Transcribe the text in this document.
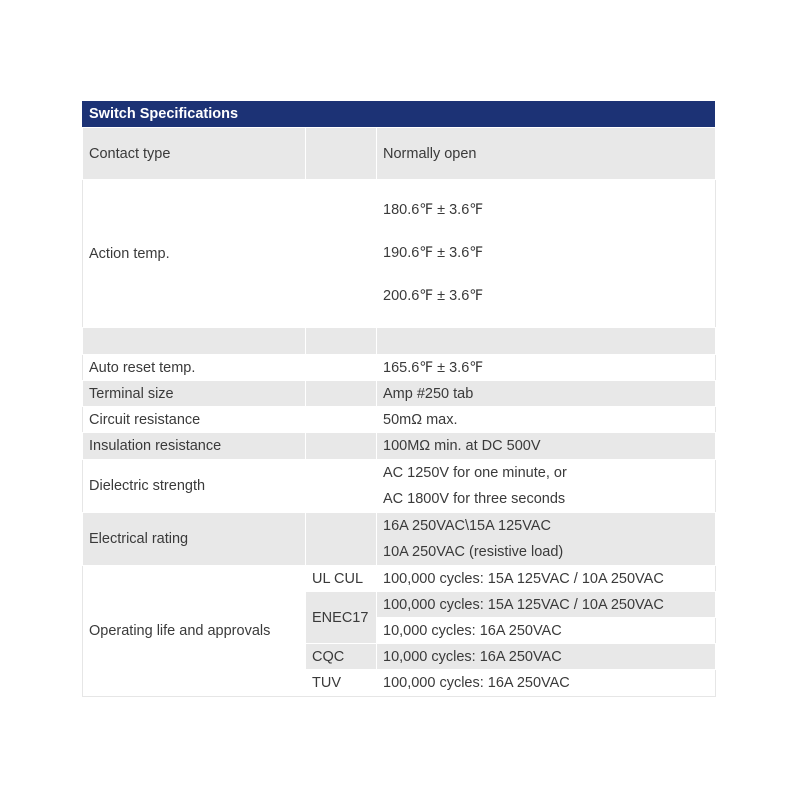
Switch Specifications
Contact type		Normally open
Action temp.		180.6℉ ± 3.6℉
190.6℉ ± 3.6℉
200.6℉ ± 3.6℉

Auto reset temp.		165.6℉ ± 3.6℉
Terminal size		Amp #250 tab
Circuit resistance		50mΩ max.
Insulation resistance		100MΩ min. at DC 500V
Dielectric strength		AC 1250V for one minute, or
AC 1800V for three seconds

Electrical rating		16A 250VAC\15A 125VAC
10A 250VAC (resistive load)

Operating life and approvals	UL CUL	100,000 cycles: 15A 125VAC / 10A 250VAC
	ENEC17	100,000 cycles: 15A 125VAC / 10A 250VAC
		10,000 cycles: 16A 250VAC
	CQC	10,000 cycles: 16A 250VAC
	TUV	100,000 cycles: 16A 250VAC
